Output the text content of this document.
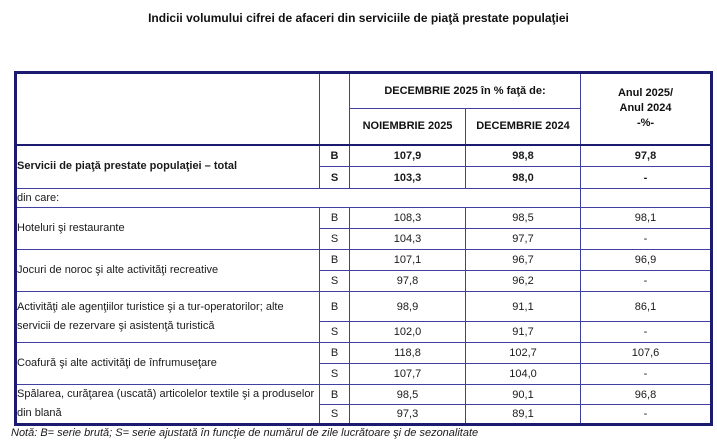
Indicii volumului cifrei de afaceri din serviciile de piaţă prestate populaţiei
		DECEMBRIE 2025 în % faţă de:		Anul 2025/
Anul 2024
-%-

		NOIEMBRIE 2025	DECEMBRIE 2024	
Servicii de piaţă prestate populaţiei – total	B	107,9	98,8	97,8
	S	103,3	98,0	-
din care:				
Hoteluri şi restaurante	B	108,3	98,5	98,1
	S	104,3	97,7	-
Jocuri de noroc şi alte activităţi recreative	B	107,1	96,7	96,9
	S	97,8	96,2	-
Activităţi ale agenţiilor turistice şi a tur-operatorilor; alte servicii de rezervare şi asistenţă turistică	B	98,9	91,1	86,1
	S	102,0	91,7	-
Coafură şi alte activităţi de înfrumuseţare	B	118,8	102,7	107,6
	S	107,7	104,0	-
Spălarea, curăţarea (uscată) articolelor textile şi a produselor din blană	B	98,5	90,1	96,8
	S	97,3	89,1	-
Notă: B= serie brută; S= serie ajustată în funcţie de numărul de zile lucrătoare şi de sezonalitate
